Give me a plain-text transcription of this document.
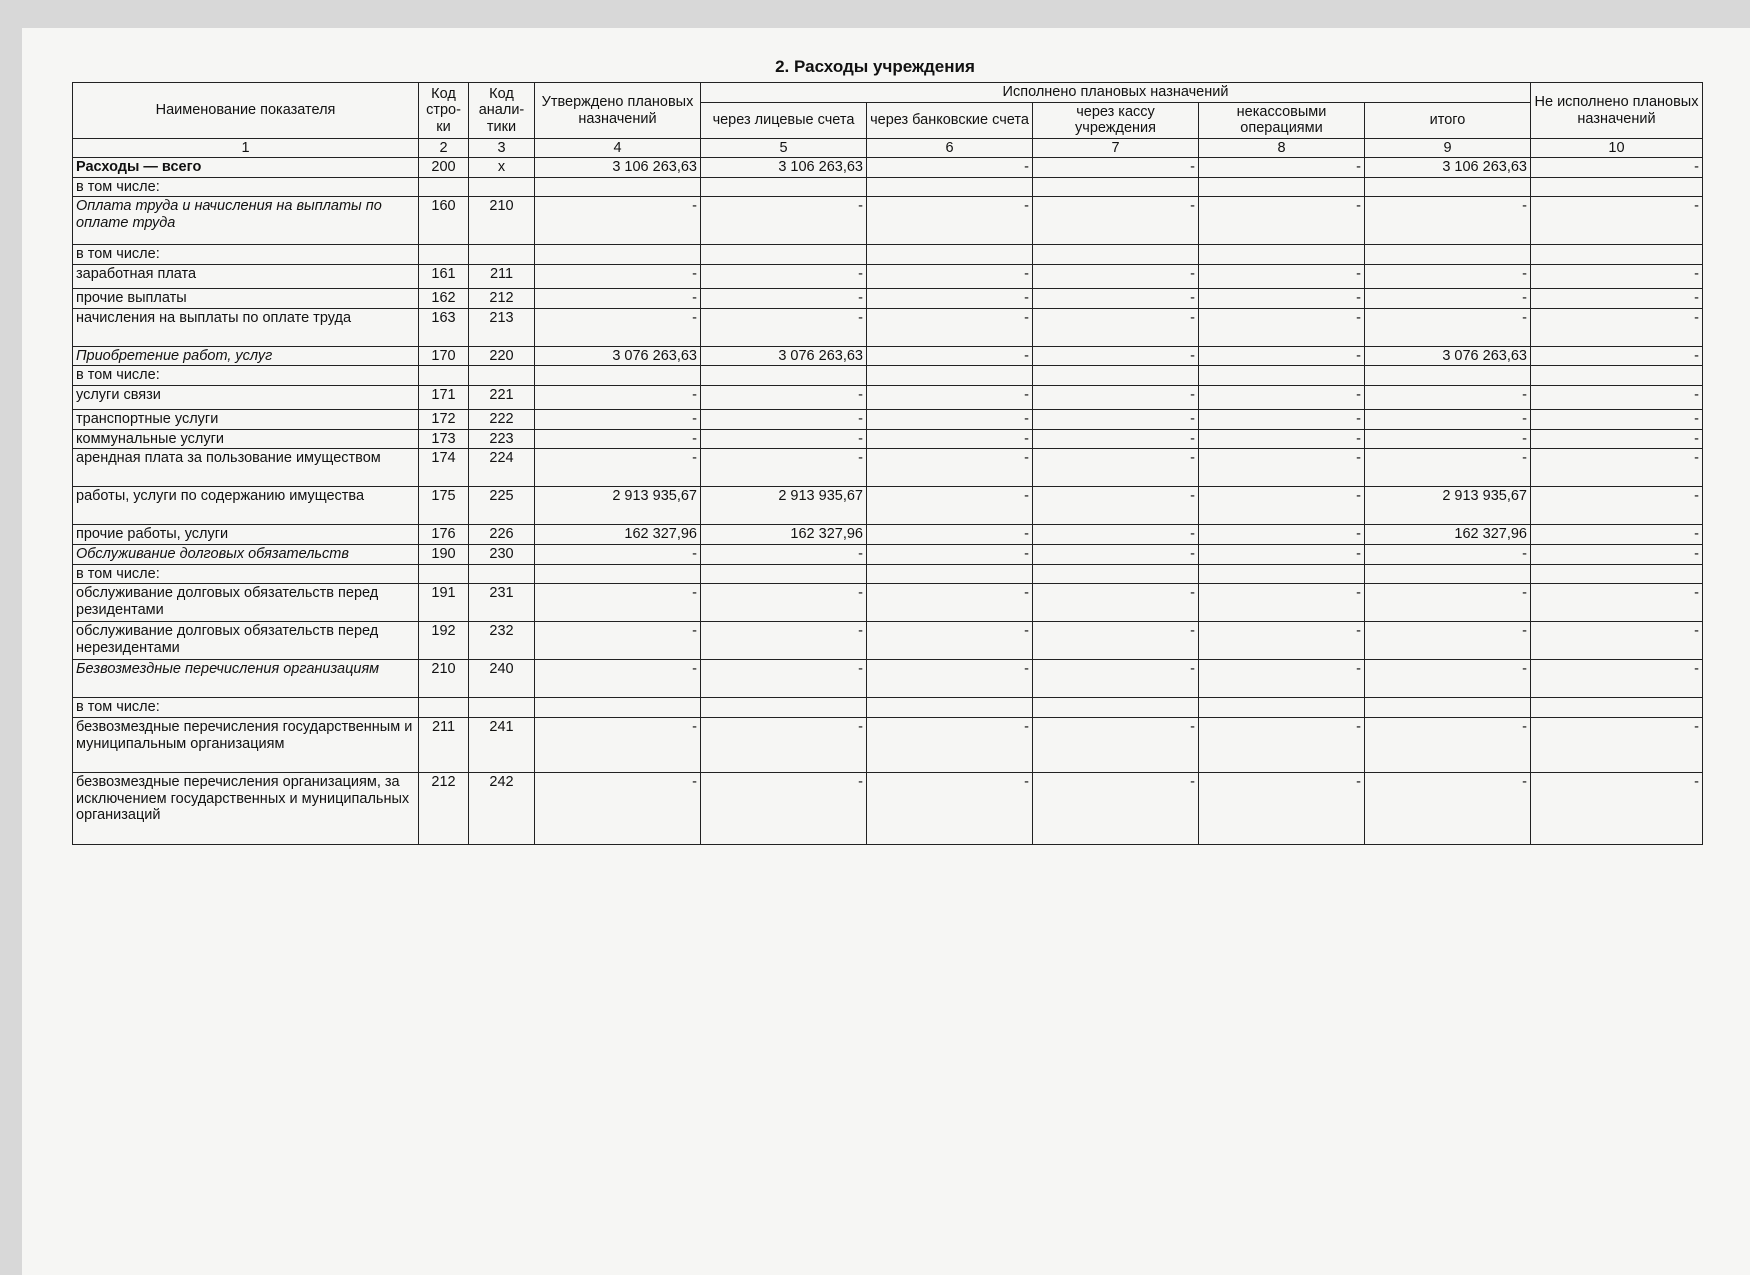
2. Расходы учреждения
Наименование показателя	Код стро-ки	Код анали-тики	Утверждено плановых назначений	Исполнено плановых назначений					Не исполнено плановых назначений
				через лицевые счета	через банковские счета	через кассу учреждения	некассовыми операциями	итого	
1	2	3	4	5	6	7	8	9	10
Расходы — всего	200	х	3 106 263,63	3 106 263,63	-	-	-	3 106 263,63	-
в том числе:									
Оплата труда и начисления на выплаты по оплате труда	160	210	-	-	-	-	-	-	-
в том числе:									
заработная плата	161	211	-	-	-	-	-	-	-
прочие выплаты	162	212	-	-	-	-	-	-	-
начисления на выплаты по оплате труда	163	213	-	-	-	-	-	-	-
Приобретение работ, услуг	170	220	3 076 263,63	3 076 263,63	-	-	-	3 076 263,63	-
в том числе:									
услуги связи	171	221	-	-	-	-	-	-	-
транспортные услуги	172	222	-	-	-	-	-	-	-
коммунальные услуги	173	223	-	-	-	-	-	-	-
арендная плата за пользование имуществом	174	224	-	-	-	-	-	-	-
работы, услуги по содержанию имущества	175	225	2 913 935,67	2 913 935,67	-	-	-	2 913 935,67	-
прочие работы, услуги	176	226	162 327,96	162 327,96	-	-	-	162 327,96	-
Обслуживание долговых обязательств	190	230	-	-	-	-	-	-	-
в том числе:									
обслуживание долговых обязательств перед резидентами	191	231	-	-	-	-	-	-	-
обслуживание долговых обязательств перед нерезидентами	192	232	-	-	-	-	-	-	-
Безвозмездные перечисления организациям	210	240	-	-	-	-	-	-	-
в том числе:									
безвозмездные перечисления государственным и муниципальным организациям	211	241	-	-	-	-	-	-	-
безвозмездные перечисления организациям, за исключением государственных и муниципальных организаций	212	242	-	-	-	-	-	-	-
